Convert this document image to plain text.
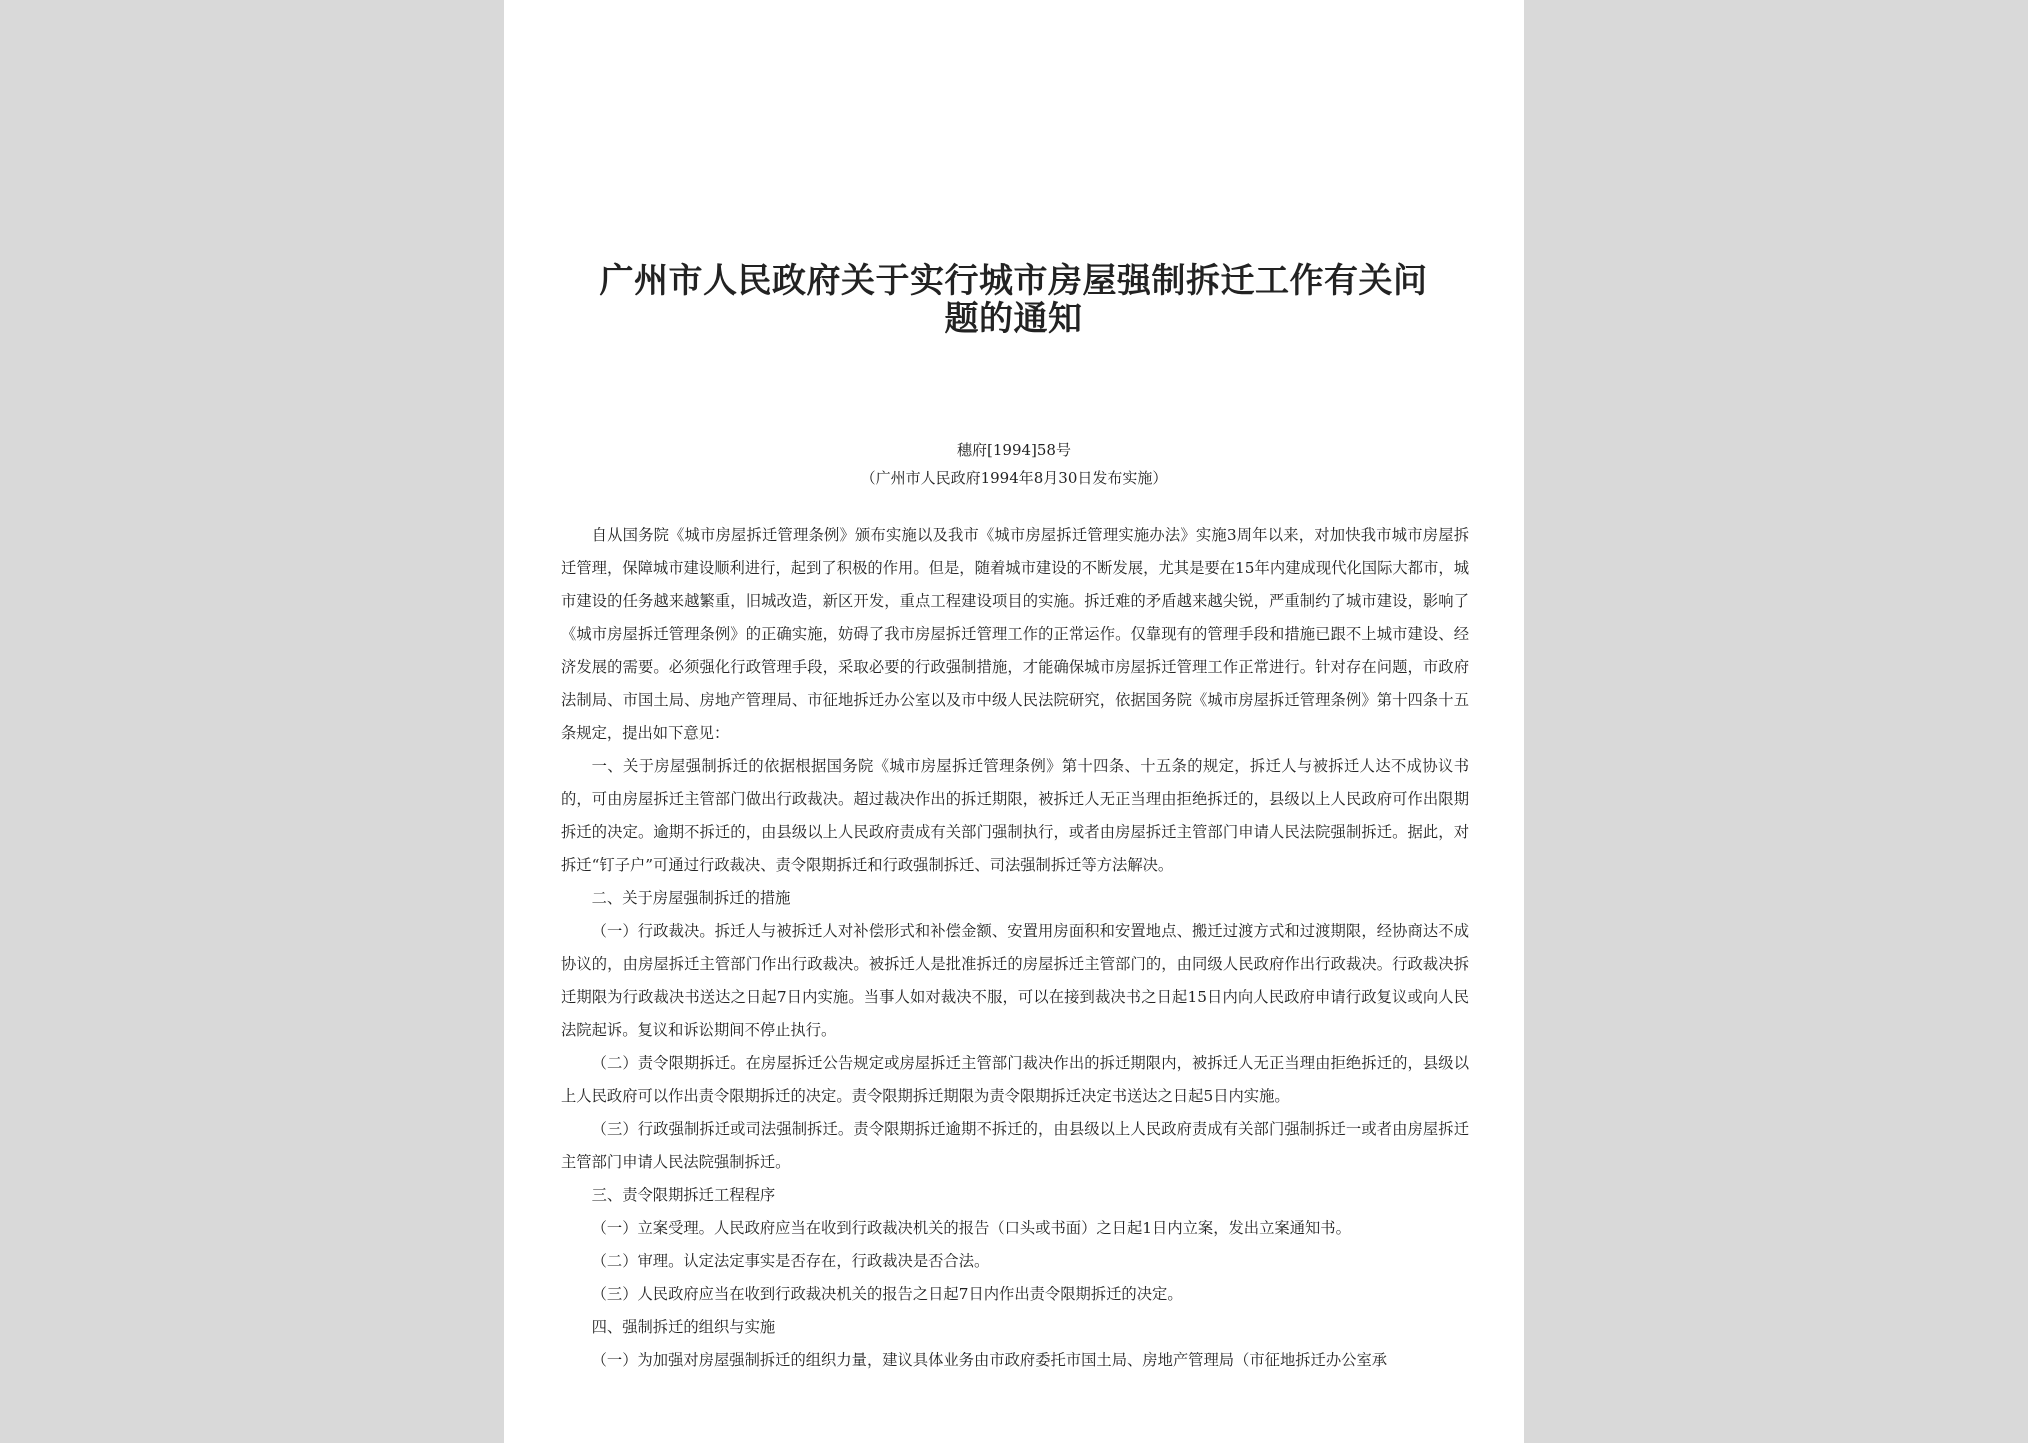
广州市人民政府关于实行城市房屋强制拆迁工作有关问题的通知
穗府[1994]58号
（广州市人民政府1994年8月30日发布实施）

自从国务院《城市房屋拆迁管理条例》颁布实施以及我市《城市房屋拆迁管理实施办法》实施3周年以来，对加快我市城市房屋拆迁管理，保障城市建设顺利进行，起到了积极的作用。但是，随着城市建设的不断发展，尤其是要在15年内建成现代化国际大都市，城市建设的任务越来越繁重，旧城改造，新区开发，重点工程建设项目的实施。拆迁难的矛盾越来越尖锐，严重制约了城市建设，影响了《城市房屋拆迁管理条例》的正确实施，妨碍了我市房屋拆迁管理工作的正常运作。仅靠现有的管理手段和措施已跟不上城市建设、经济发展的需要。必须强化行政管理手段，采取必要的行政强制措施，才能确保城市房屋拆迁管理工作正常进行。针对存在问题，市政府法制局、市国土局、房地产管理局、市征地拆迁办公室以及市中级人民法院研究，依据国务院《城市房屋拆迁管理条例》第十四条十五条规定，提出如下意见：

一、关于房屋强制拆迁的依据根据国务院《城市房屋拆迁管理条例》第十四条、十五条的规定，拆迁人与被拆迁人达不成协议书的，可由房屋拆迁主管部门做出行政裁决。超过裁决作出的拆迁期限，被拆迁人无正当理由拒绝拆迁的，县级以上人民政府可作出限期拆迁的决定。逾期不拆迁的，由县级以上人民政府责成有关部门强制执行，或者由房屋拆迁主管部门申请人民法院强制拆迁。据此，对拆迁“钉子户”可通过行政裁决、责令限期拆迁和行政强制拆迁、司法强制拆迁等方法解决。

二、关于房屋强制拆迁的措施

（一）行政裁决。拆迁人与被拆迁人对补偿形式和补偿金额、安置用房面积和安置地点、搬迁过渡方式和过渡期限，经协商达不成协议的，由房屋拆迁主管部门作出行政裁决。被拆迁人是批准拆迁的房屋拆迁主管部门的，由同级人民政府作出行政裁决。行政裁决拆迁期限为行政裁决书送达之日起7日内实施。当事人如对裁决不服，可以在接到裁决书之日起15日内向人民政府申请行政复议或向人民法院起诉。复议和诉讼期间不停止执行。

（二）责令限期拆迁。在房屋拆迁公告规定或房屋拆迁主管部门裁决作出的拆迁期限内，被拆迁人无正当理由拒绝拆迁的，县级以上人民政府可以作出责令限期拆迁的决定。责令限期拆迁期限为责令限期拆迁决定书送达之日起5日内实施。

（三）行政强制拆迁或司法强制拆迁。责令限期拆迁逾期不拆迁的，由县级以上人民政府责成有关部门强制拆迁一或者由房屋拆迁主管部门申请人民法院强制拆迁。

三、责令限期拆迁工程程序

（一）立案受理。人民政府应当在收到行政裁决机关的报告（口头或书面）之日起1日内立案，发出立案通知书。

（二）审理。认定法定事实是否存在，行政裁决是否合法。

（三）人民政府应当在收到行政裁决机关的报告之日起7日内作出责令限期拆迁的决定。

四、强制拆迁的组织与实施

（一）为加强对房屋强制拆迁的组织力量，建议具体业务由市政府委托市国土局、房地产管理局（市征地拆迁办公室承
